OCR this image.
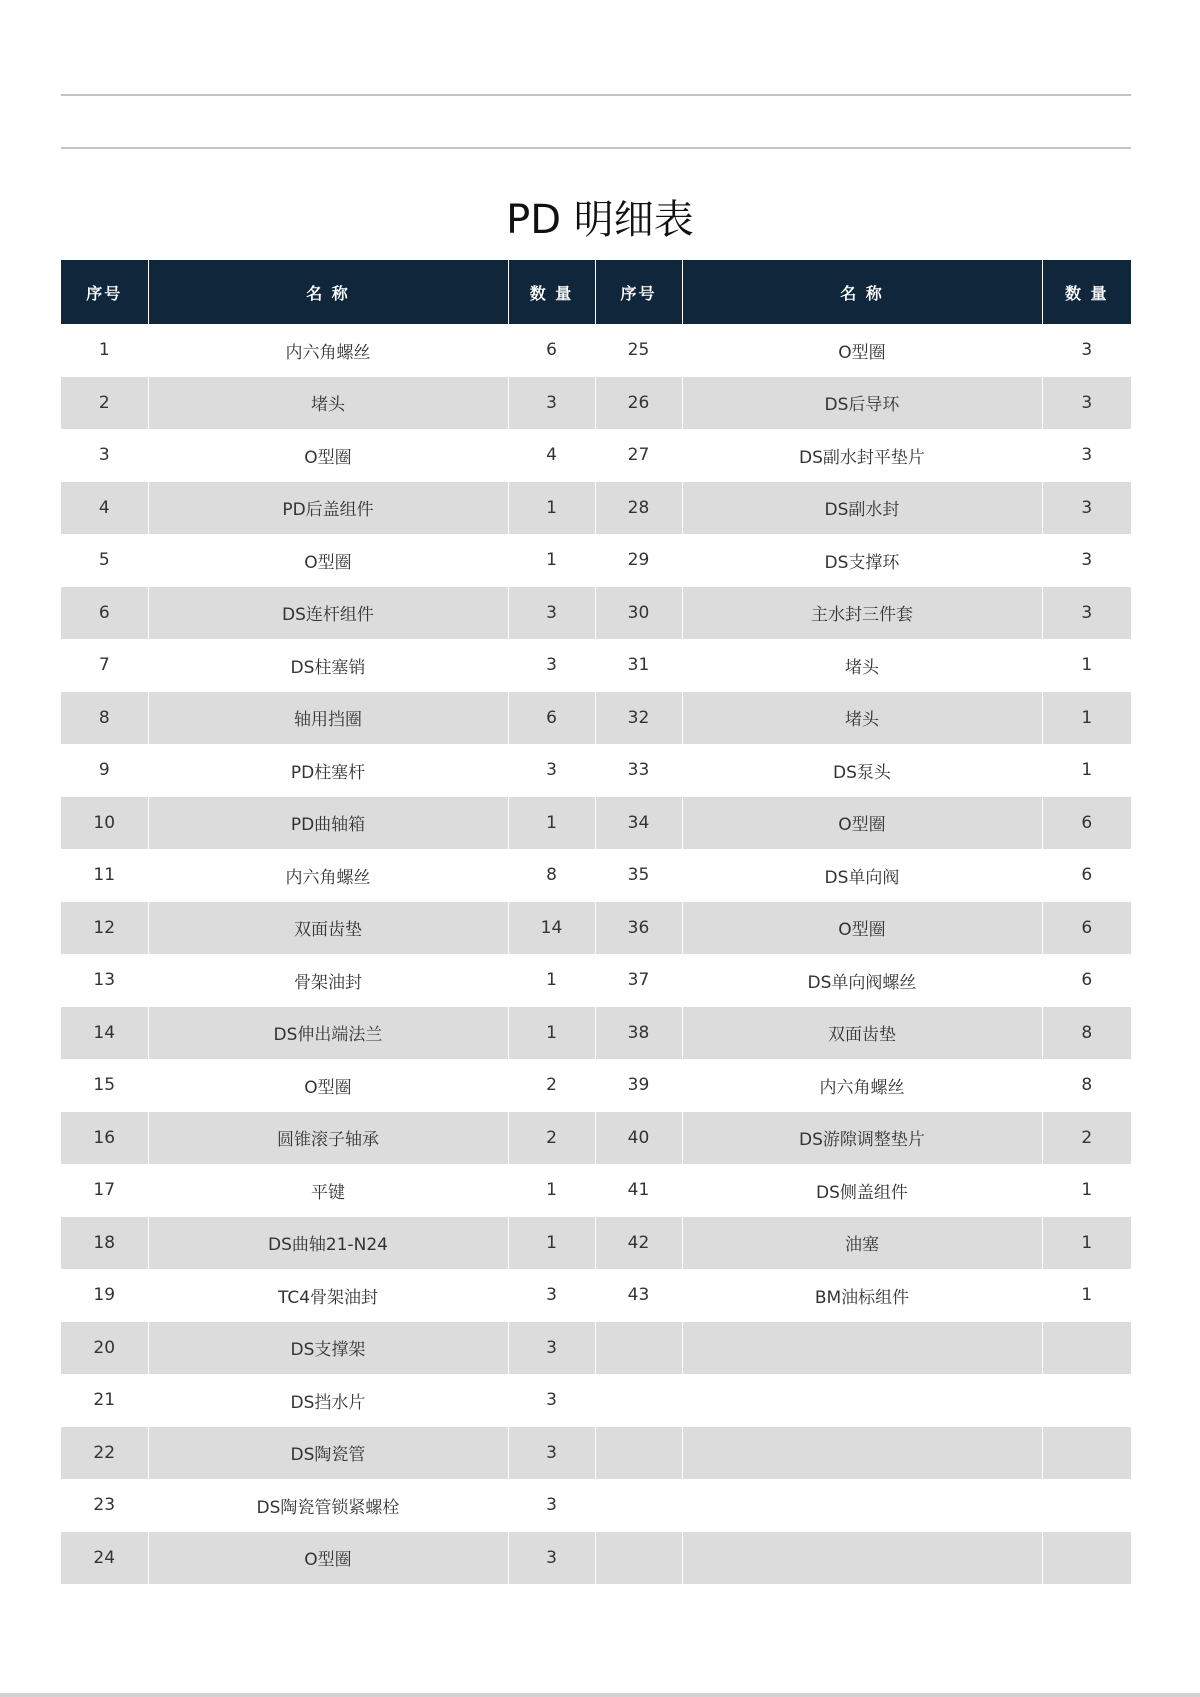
PD 明细表
序号	名 称	数 量	序号	名 称	数 量
1	内六角螺丝	6	25	O型圈	3
2	堵头	3	26	DS后导环	3
3	O型圈	4	27	DS副水封平垫片	3
4	PD后盖组件	1	28	DS副水封	3
5	O型圈	1	29	DS支撑环	3
6	DS连杆组件	3	30	主水封三件套	3
7	DS柱塞销	3	31	堵头	1
8	轴用挡圈	6	32	堵头	1
9	PD柱塞杆	3	33	DS泵头	1
10	PD曲轴箱	1	34	O型圈	6
11	内六角螺丝	8	35	DS单向阀	6
12	双面齿垫	14	36	O型圈	6
13	骨架油封	1	37	DS单向阀螺丝	6
14	DS伸出端法兰	1	38	双面齿垫	8
15	O型圈	2	39	内六角螺丝	8
16	圆锥滚子轴承	2	40	DS游隙调整垫片	2
17	平键	1	41	DS侧盖组件	1
18	DS曲轴21-N24	1	42	油塞	1
19	TC4骨架油封	3	43	BM油标组件	1
20	DS支撑架	3			
21	DS挡水片	3			
22	DS陶瓷管	3			
23	DS陶瓷管锁紧螺栓	3			
24	O型圈	3			
